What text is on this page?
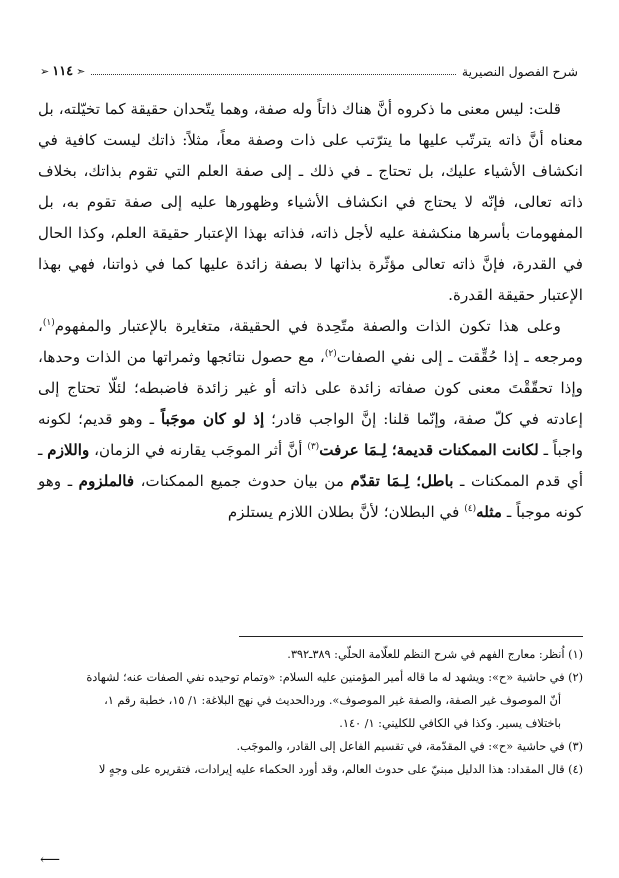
➢ ١١٤ ➣	شرح الفصول النصيرية

قلت: ليس معنى ما ذكروه أنَّ هناك ذاتاً وله صفة، وهما يتّحدان حقيقة كما تخيّلته، بل معناه أنَّ ذاته يترتّب عليها ما يترّتب على ذات وصفة معاً، مثلاً: ذاتك ليست كافية في انكشاف الأشياء عليك، بل تحتاج ـ في ذلك ـ إلى صفة العلم التي تقوم بذاتك، بخلاف ذاته تعالى، فإنّه لا يحتاج في انكشاف الأشياء وظهورها عليه إلى صفة تقوم به، بل المفهومات بأسرها منكشفة عليه لأجل ذاته، فذاته بهذا الإعتبار حقيقة العلم، وكذا الحال في القدرة، فإنَّ ذاته تعالى مؤثّرة بذاتها لا بصفة زائدة عليها كما في ذواتنا، فهي بهذا الإعتبار حقيقة القدرة.

وعلى هذا تكون الذات والصفة متّحِدة في الحقيقة، متغايرة بالإعتبار والمفهوم$^{(١)}$، ومرجعه ـ إذا حُقِّقت ـ إلى نفي الصفات$^{(٢)}$، مع حصول نتائجها وثمراتها من الذات وحدها، وإذا تحقّقْتَ معنى كون صفاته زائدة على ذاته أو غير زائدة فاضبطه؛ لئلّا تحتاج إلى إعادته في كلّ صفة، وإنّما قلنا: إنَّ الواجب قادر؛ إذ لو كان موجَباً ـ وهو قديم؛ لكونه واجباً ـ لكانت الممكنات قديمة؛ لِـمَا عرفت$^{(٣)}$ أنَّ أثر الموجَب يقارنه في الزمان، واللازم ـ أي قدم الممكنات ـ باطل؛ لِـمَا تقدّم من بيان حدوث جميع الممكنات، فالملزوم ـ وهو كونه موجباً ـ مثله$^{(٤)}$ في البطلان؛ لأنَّ بطلان اللازم يستلزم

(١) اُنظر: معارج الفهم في شرح النظم للعلّامة الحلّي: ٣٨٩ـ٣٩٢.

(٢) في حاشية «ح»: ويشهد له ما قاله أمير المؤمنين عليه السلام: «وتمام توحيده نفي الصفات عنه؛ لشهادة

أنّ الموصوف غير الصفة، والصفة غير الموصوف». وردالحديث في نهج البلاغة: ١/ ١٥، خطبة رقم ١،

باختلاف يسير. وكذا في الكافي للكليني: ١/ ١٤٠.

(٣) في حاشية «ح»: في المقدّمة، في تقسيم الفاعل إلى القادر، والموجَب.

(٤) قال المقداد: هذا الدليل مبنيّ على حدوث العالم، وقد أورد الحكماء عليه إيرادات، فتقريره على وجهٍ لا

⟵
